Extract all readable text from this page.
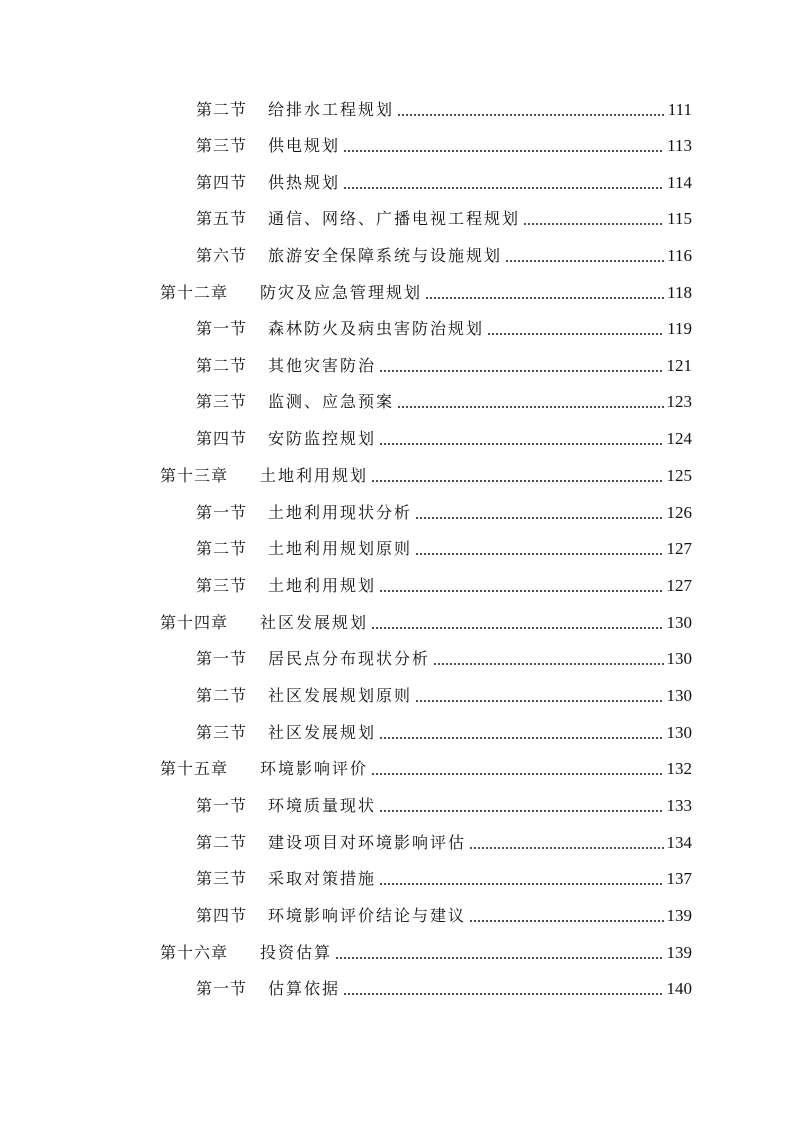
第二节	给排水工程规划	111
第三节	供电规划	113
第四节	供热规划	114
第五节	通信、网络、广播电视工程规划	115
第六节	旅游安全保障系统与设施规划	116
第十二章	防灾及应急管理规划	118
第一节	森林防火及病虫害防治规划	119
第二节	其他灾害防治	121
第三节	监测、应急预案	123
第四节	安防监控规划	124
第十三章	土地利用规划	125
第一节	土地利用现状分析	126
第二节	土地利用规划原则	127
第三节	土地利用规划	127
第十四章	社区发展规划	130
第一节	居民点分布现状分析	130
第二节	社区发展规划原则	130
第三节	社区发展规划	130
第十五章	环境影响评价	132
第一节	环境质量现状	133
第二节	建设项目对环境影响评估	134
第三节	采取对策措施	137
第四节	环境影响评价结论与建议	139
第十六章	投资估算	139
第一节	估算依据	140
